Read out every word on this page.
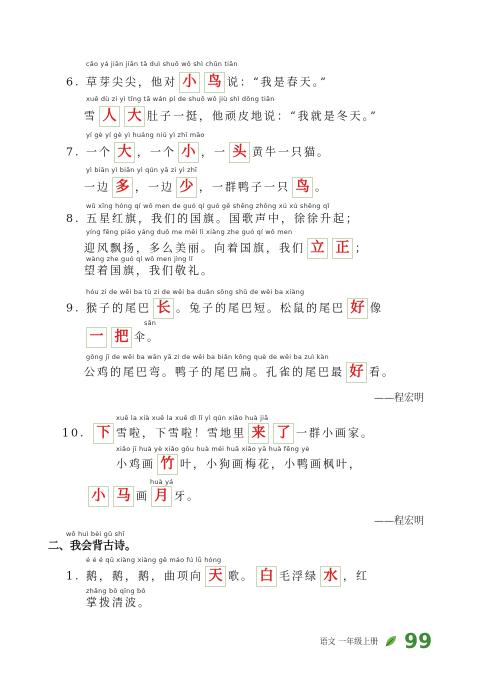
cǎo yá jiān jiān tā duì shuō wǒ shì chūn tiān
6. 草芽尖尖，他对 小 鸟 说：“我是春天。”
xuě dù zi yì tǐng tā wán pí de shuō wǒ jiù shì dōng tiān
雪 人 大 肚子一挺，他顽皮地说：“我就是冬天。”
yí gè yí gè yì huáng niú yì zhī māo
7. 一个 大 ，一个 小 ，一 头 黄牛一只猫。
yì biān yì biān yì qún yā zi yì zhī
一边 多 ，一边 少 ，一群鸭子一只 鸟 。
wǔ xīng hóng qí wǒ men de guó qí guó gē shēng zhōng xú xú shēng qǐ
8. 五星红旗，我们的国旗。国歌声中，徐徐升起；
yíng fēng piāo yáng duō me měi lì xiàng zhe guó qí wǒ men
迎风飘扬，多么美丽。向着国旗，我们 立 正 ；
wàng zhe guó qí wǒ men jìng lǐ
望着国旗，我们敬礼。
hóu zi de wěi ba tù zi de wěi ba duǎn sōng shǔ de wěi ba xiàng
9. 猴子的尾巴 长 。兔子的尾巴短。松鼠的尾巴 好 像
sǎn
一 把 伞。
gōng jī de wěi ba wān yā zi de wěi ba biǎn kǒng què de wěi ba zuì kàn
公鸡的尾巴弯。鸭子的尾巴扁。孔雀的尾巴最 好 看。
——程宏明
xuě la xià xuě la xuě dì lǐ yì qún xiǎo huà jiā
10. 下 雪啦，下雪啦！雪地里 来 了 一群小画家。
xiǎo jī huà yè xiǎo gǒu huà méi huā xiǎo yā huà fēng yè
小鸡画 竹 叶，小狗画梅花，小鸭画枫叶，
huà yá
小 马 画 月 牙。
——程宏明
wǒ huì bèi gǔ shī
二、我会背古诗。
é é é qū xiàng xiàng gē máo fú lǜ hóng
1. 鹅，鹅，鹅，曲项向 天 歌。 白 毛浮绿 水 ，红
zhǎng bō qīng bō
掌拨清波。
语文 一年级上册 99
